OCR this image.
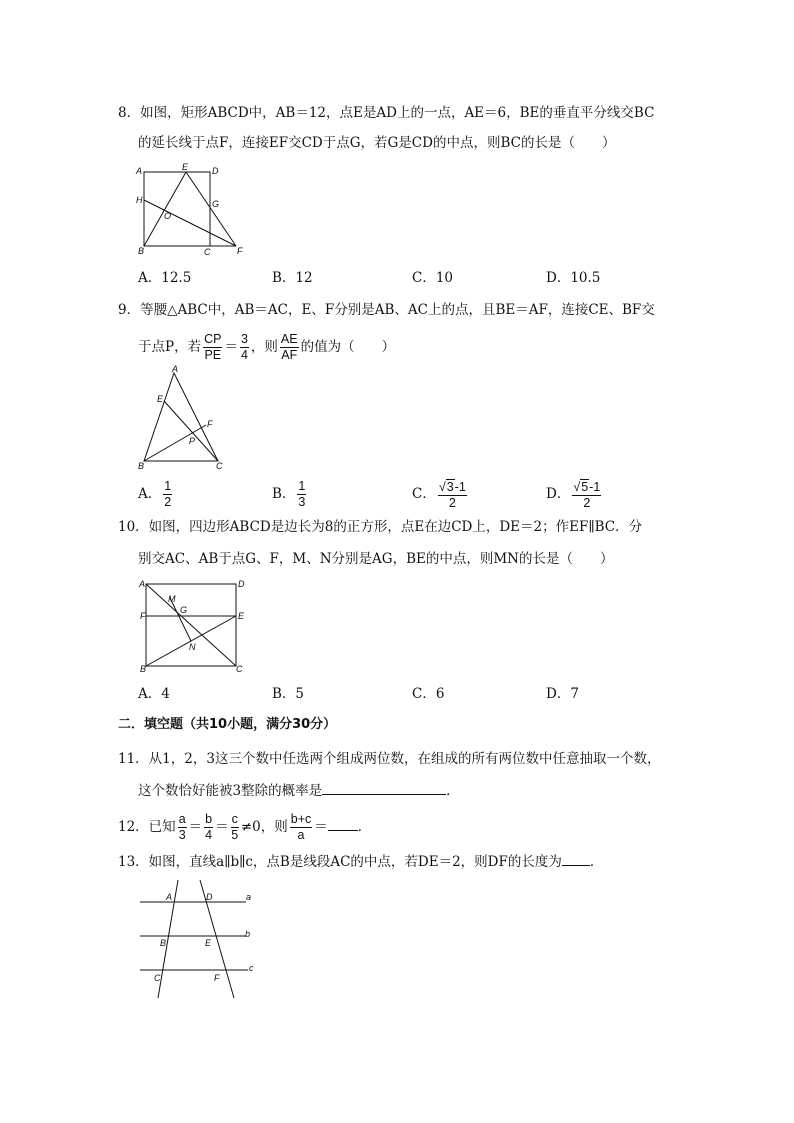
8．如图，矩形ABCD中，AB＝12，点E是AD上的一点，AE＝6，BE的垂直平分线交BC
的延长线于点F，连接EF交CD于点G，若G是CD的中点，则BC的长是（　　）
A	E	D
H	G
O
B	C	F
A．12.5	B．12	C．10	D．10.5
9．等腰△ABC中，AB＝AC，E、F分别是AB、AC上的点，且BE＝AF，连接CE、BF交
于点P，若 $\frac{CP}{PE} = \frac{3}{4}$ ，则 $\frac{AE}{AF}$ 的值为（　　）
A
E
F
P
B	C
A． $\frac{1}{2}$	B． $\frac{1}{3}$	C． $\frac{√3-1}{2}$	D． $\frac{√5-1}{2}$
10．如图，四边形ABCD是边长为8的正方形，点E在边CD上，DE＝2；作EF∥BC．分
别交AC、AB于点G、F，M、N分别是AG，BE的中点，则MN的长是（　　）
A	D
M
G
F	E
N
B	C
A．4	B．5	C．6	D．7
二．填空题（共10小题，满分30分）
11．从1，2，3这三个数中任选两个组成两位数，在组成的所有两位数中任意抽取一个数，
这个数恰好能被3整除的概率是	．
12．已知 $\frac{a}{3} = \frac{b}{4} = \frac{c}{5} \ne 0$，则 $\frac{b+c}{a}$ ＝ ．
13．如图，直线a∥b∥c，点B是线段AC的中点，若DE＝2，则DF的长度为 ．
A	D	a
B	E
b
C	F
c
